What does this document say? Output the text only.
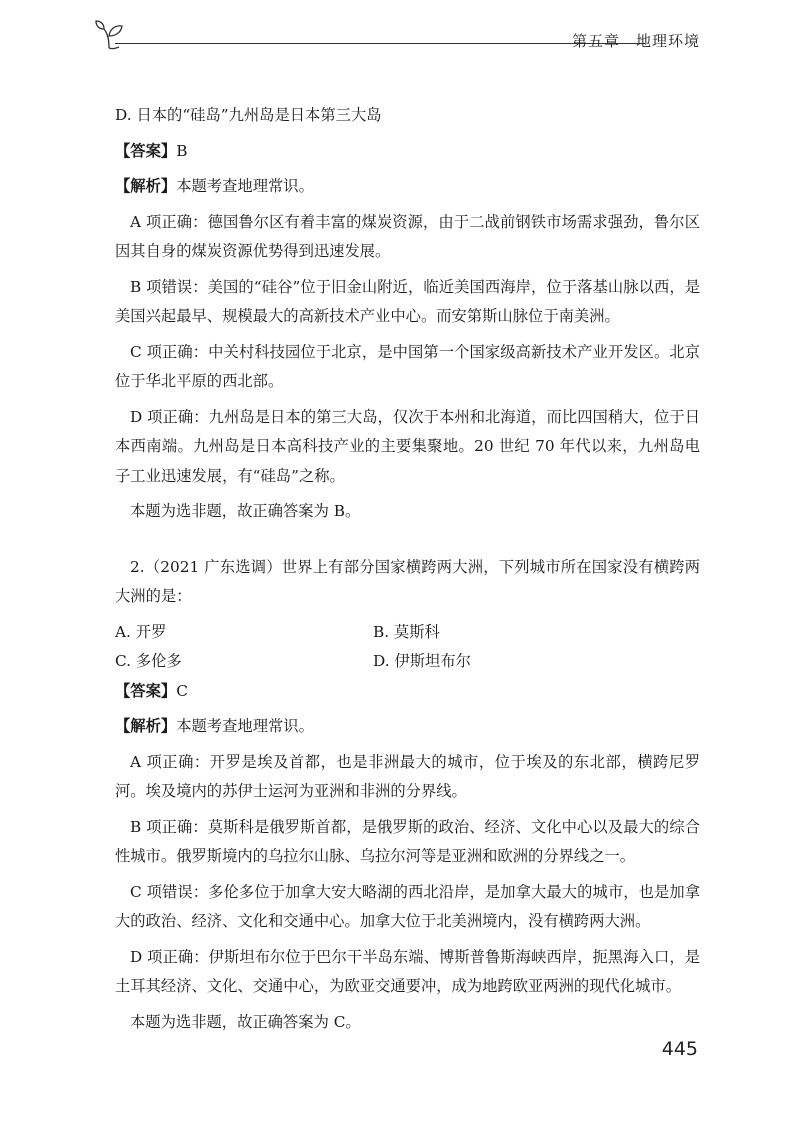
第五章　地理环境

D. 日本的“硅岛”九州岛是日本第三大岛

【答案】B

【解析】本题考查地理常识。

A 项正确：德国鲁尔区有着丰富的煤炭资源，由于二战前钢铁市场需求强劲，鲁尔区因其自身的煤炭资源优势得到迅速发展。

B 项错误：美国的“硅谷”位于旧金山附近，临近美国西海岸，位于落基山脉以西，是美国兴起最早、规模最大的高新技术产业中心。而安第斯山脉位于南美洲。

C 项正确：中关村科技园位于北京，是中国第一个国家级高新技术产业开发区。北京位于华北平原的西北部。

D 项正确：九州岛是日本的第三大岛，仅次于本州和北海道，而比四国稍大，位于日本西南端。九州岛是日本高科技产业的主要集聚地。20 世纪 70 年代以来，九州岛电子工业迅速发展，有“硅岛”之称。

本题为选非题，故正确答案为 B。

2.（2021 广东选调）世界上有部分国家横跨两大洲，下列城市所在国家没有横跨两大洲的是：

A. 开罗	B. 莫斯科
C. 多伦多	D. 伊斯坦布尔

【答案】C

【解析】本题考查地理常识。

A 项正确：开罗是埃及首都，也是非洲最大的城市，位于埃及的东北部，横跨尼罗河。埃及境内的苏伊士运河为亚洲和非洲的分界线。

B 项正确：莫斯科是俄罗斯首都，是俄罗斯的政治、经济、文化中心以及最大的综合性城市。俄罗斯境内的乌拉尔山脉、乌拉尔河等是亚洲和欧洲的分界线之一。

C 项错误：多伦多位于加拿大安大略湖的西北沿岸，是加拿大最大的城市，也是加拿大的政治、经济、文化和交通中心。加拿大位于北美洲境内，没有横跨两大洲。

D 项正确：伊斯坦布尔位于巴尔干半岛东端、博斯普鲁斯海峡西岸，扼黑海入口，是土耳其经济、文化、交通中心，为欧亚交通要冲，成为地跨欧亚两洲的现代化城市。

本题为选非题，故正确答案为 C。

445
